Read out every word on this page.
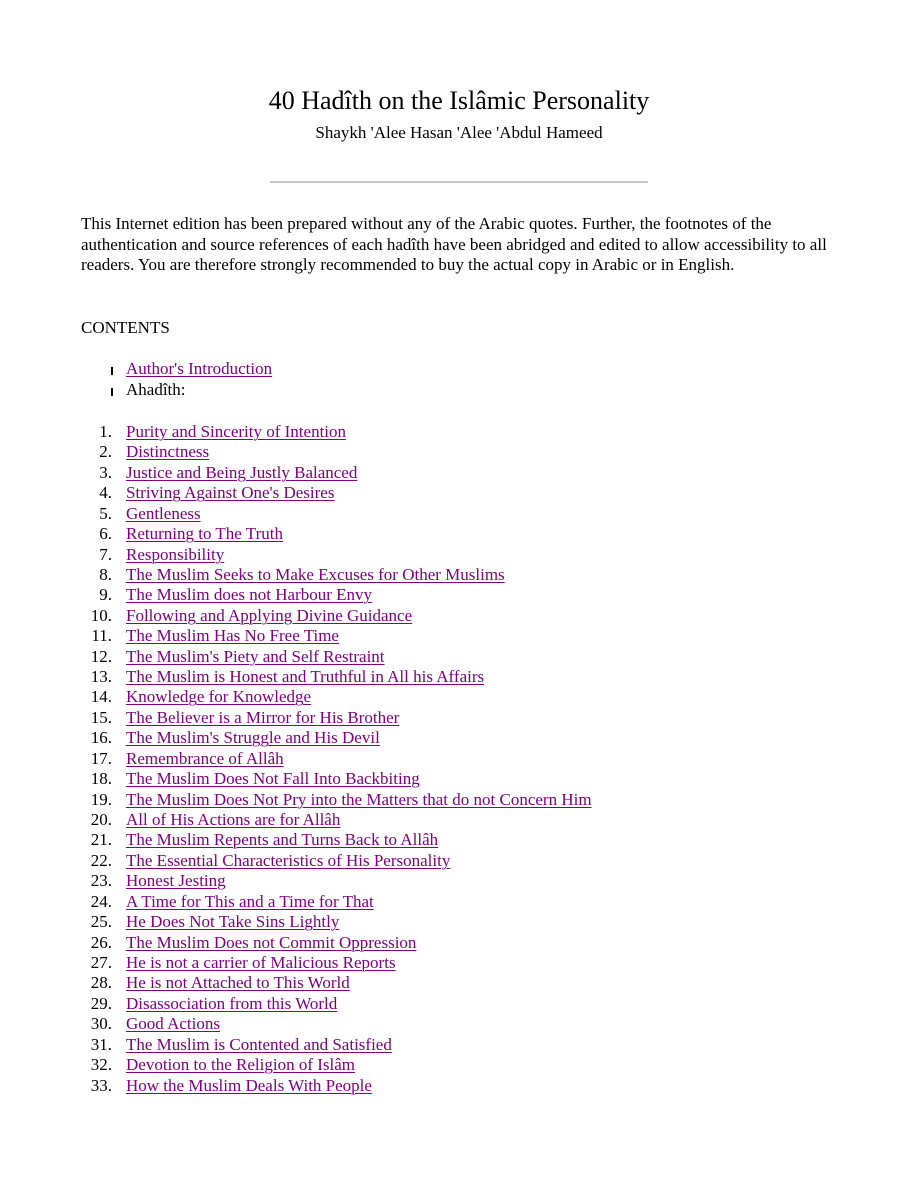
40 Hadîth on the Islâmic Personality
Shaykh 'Alee Hasan 'Alee 'Abdul Hameed

This Internet edition has been prepared without any of the Arabic quotes. Further, the footnotes of the authentication and source references of each hadîth have been abridged and edited to allow accessibility to all readers. You are therefore strongly recommended to buy the actual copy in Arabic or in English.

CONTENTS

Author's Introduction
Ahadîth:
1. Purity and Sincerity of Intention
2. Distinctness
3. Justice and Being Justly Balanced
4. Striving Against One's Desires
5. Gentleness
6. Returning to The Truth
7. Responsibility
8. The Muslim Seeks to Make Excuses for Other Muslims
9. The Muslim does not Harbour Envy
10. Following and Applying Divine Guidance
11. The Muslim Has No Free Time
12. The Muslim's Piety and Self Restraint
13. The Muslim is Honest and Truthful in All his Affairs
14. Knowledge for Knowledge
15. The Believer is a Mirror for His Brother
16. The Muslim's Struggle and His Devil
17. Remembrance of Allâh
18. The Muslim Does Not Fall Into Backbiting
19. The Muslim Does Not Pry into the Matters that do not Concern Him
20. All of His Actions are for Allâh
21. The Muslim Repents and Turns Back to Allâh
22. The Essential Characteristics of His Personality
23. Honest Jesting
24. A Time for This and a Time for That
25. He Does Not Take Sins Lightly
26. The Muslim Does not Commit Oppression
27. He is not a carrier of Malicious Reports
28. He is not Attached to This World
29. Disassociation from this World
30. Good Actions
31. The Muslim is Contented and Satisfied
32. Devotion to the Religion of Islâm
33. How the Muslim Deals With People
